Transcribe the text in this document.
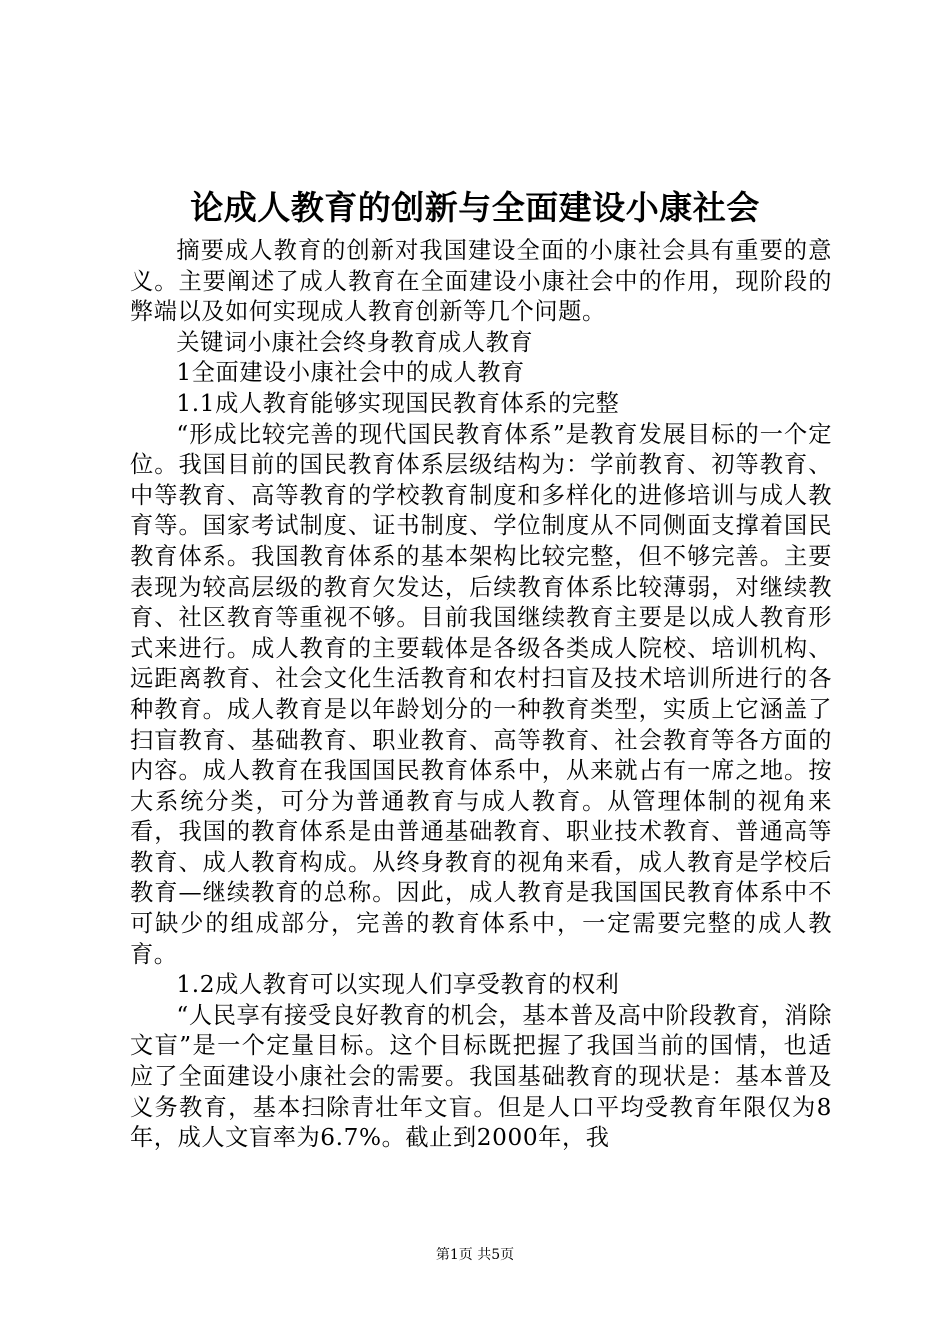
论成人教育的创新与全面建设小康社会

摘要成人教育的创新对我国建设全面的小康社会具有重要的意义。主要阐述了成人教育在全面建设小康社会中的作用，现阶段的弊端以及如何实现成人教育创新等几个问题。

关键词小康社会终身教育成人教育

1全面建设小康社会中的成人教育

1.1成人教育能够实现国民教育体系的完整

“形成比较完善的现代国民教育体系”是教育发展目标的一个定位。我国目前的国民教育体系层级结构为：学前教育、初等教育、中等教育、高等教育的学校教育制度和多样化的进修培训与成人教育等。国家考试制度、证书制度、学位制度从不同侧面支撑着国民教育体系。我国教育体系的基本架构比较完整，但不够完善。主要表现为较高层级的教育欠发达，后续教育体系比较薄弱，对继续教育、社区教育等重视不够。目前我国继续教育主要是以成人教育形式来进行。成人教育的主要载体是各级各类成人院校、培训机构、远距离教育、社会文化生活教育和农村扫盲及技术培训所进行的各种教育。成人教育是以年龄划分的一种教育类型，实质上它涵盖了扫盲教育、基础教育、职业教育、高等教育、社会教育等各方面的内容。成人教育在我国国民教育体系中，从来就占有一席之地。按大系统分类，可分为普通教育与成人教育。从管理体制的视角来看，我国的教育体系是由普通基础教育、职业技术教育、普通高等教育、成人教育构成。从终身教育的视角来看，成人教育是学校后教育—继续教育的总称。因此，成人教育是我国国民教育体系中不可缺少的组成部分，完善的教育体系中，一定需要完整的成人教育。

1.2成人教育可以实现人们享受教育的权利

“人民享有接受良好教育的机会，基本普及高中阶段教育，消除文盲”是一个定量目标。这个目标既把握了我国当前的国情，也适应了全面建设小康社会的需要。我国基础教育的现状是：基本普及义务教育，基本扫除青壮年文盲。但是人口平均受教育年限仅为8年，成人文盲率为6.7%。截止到2000年，我

第1页 共5页
